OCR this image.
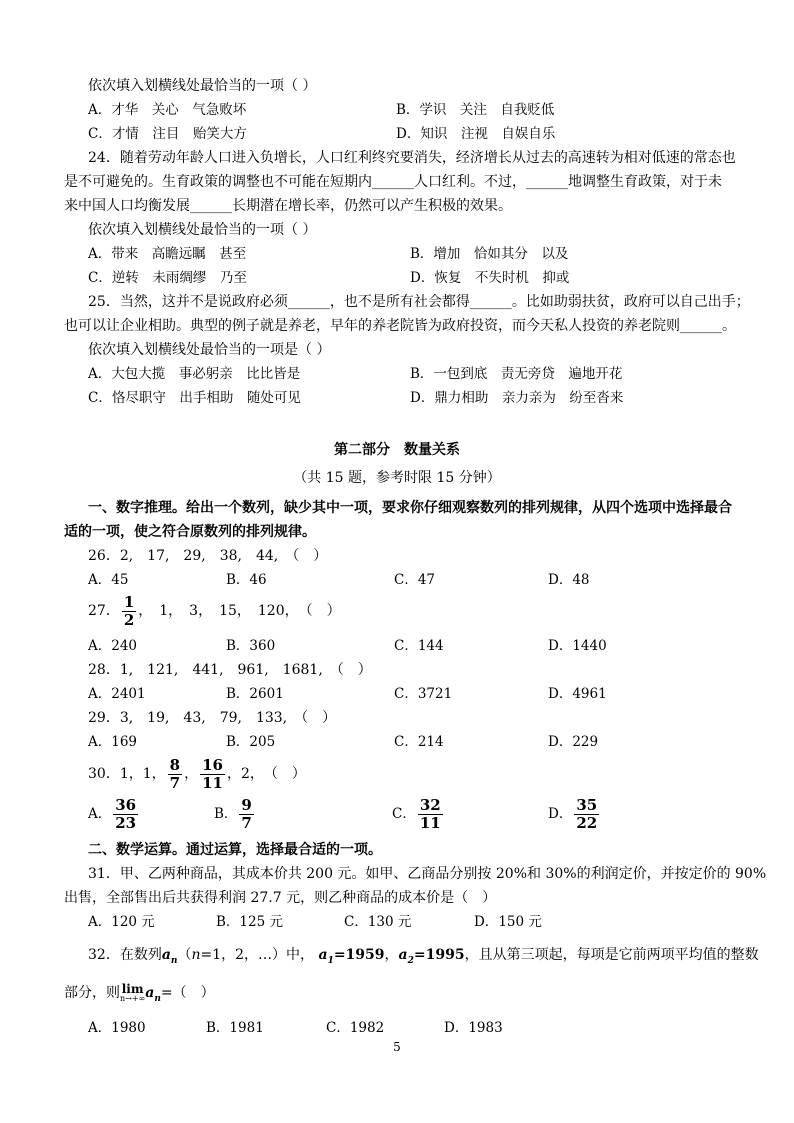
依次填入划横线处最恰当的一项（ ）
A．才华　关心　气急败坏	B．学识　关注　自我贬低
C．才情　注目　贻笑大方	D．知识　注视　自娱自乐
24．随着劳动年龄人口进入负增长，人口红利终究要消失，经济增长从过去的高速转为相对低速的常态也
是不可避免的。生育政策的调整也不可能在短期内______人口红利。不过，______地调整生育政策，对于未
来中国人口均衡发展______长期潜在增长率，仍然可以产生积极的效果。
依次填入划横线处最恰当的一项（ ）
A．带来　高瞻远瞩　甚至	B．增加　恰如其分　以及
C．逆转　未雨绸缪　乃至	D．恢复　不失时机　抑或
25．当然，这并不是说政府必须______，也不是所有社会都得______。比如助弱扶贫，政府可以自己出手；
也可以让企业相助。典型的例子就是养老，早年的养老院皆为政府投资，而今天私人投资的养老院则______。
依次填入划横线处最恰当的一项是（ ）
A．大包大揽　事必躬亲　比比皆是	B．一包到底　责无旁贷　遍地开花
C．恪尽职守　出手相助　随处可见	D．鼎力相助　亲力亲为　纷至沓来
第二部分　数量关系
（共 15 题，参考时限 15 分钟）
一、数字推理。给出一个数列，缺少其中一项，要求你仔细观察数列的排列规律，从四个选项中选择最合
适的一项，使之符合原数列的排列规律。
26．2,　17,　29,　38,　44,　（　）
A．45	B．46	C．47	D．48
27． $\frac{1}{2}$ ，　1，　3，　15，　120，　（　）
A．240	B．360	C．144	D．1440
28．1,　121,　441,　961,　1681,　（　）
A．2401	B．2601	C．3721	D．4961
29．3,　19,　43,　79,　133,　（　）
A．169	B．205	C．214	D．229
30．1，1， $\frac{8}{7}$ ， $\frac{16}{11}$ ，2，　（　）
A． $\frac{36}{23}$	B． $\frac{9}{7}$	C． $\frac{32}{11}$	D． $\frac{35}{22}$
二、数学运算。通过运算，选择最合适的一项。
31．甲、乙两种商品，其成本价共 200 元。如甲、乙商品分别按 20%和 30%的利润定价，并按定价的 90%
出售，全部售出后共获得利润 27.7 元，则乙种商品的成本价是（　）
A．120 元	B．125 元	C．130 元	D．150 元
32．在数列$a_n(n=1$，2，…）中， $a_1=1959$，$a_2=1995$，且从第三项起，每项是它前两项平均值的整数
部分，则 lim
n→+∞ $a_n=$（　）
A．1980	B．1981	C．1982	D．1983
5
